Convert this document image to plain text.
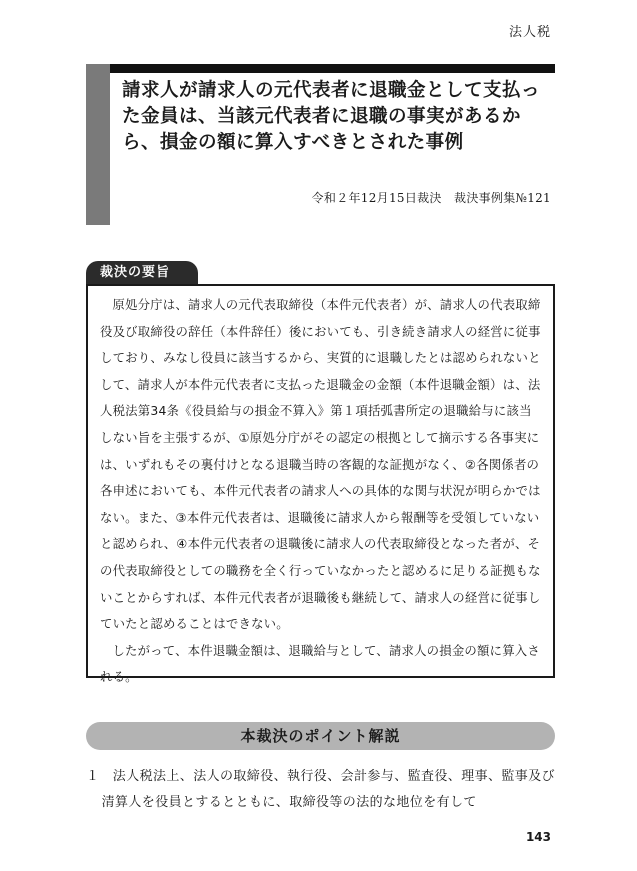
法人税
請求人が請求人の元代表者に退職金として支払った金員は、当該元代表者に退職の事実があるから、損金の額に算入すべきとされた事例
令和２年12月15日裁決　裁決事例集№121
裁決の要旨

原処分庁は、請求人の元代表取締役（本件元代表者）が、請求人の代表取締役及び取締役の辞任（本件辞任）後においても、引き続き請求人の経営に従事しており、みなし役員に該当するから、実質的に退職したとは認められないとして、請求人が本件元代表者に支払った退職金の金額（本件退職金額）は、法人税法第34条《役員給与の損金不算入》第１項括弧書所定の退職給与に該当しない旨を主張するが、①原処分庁がその認定の根拠として摘示する各事実には、いずれもその裏付けとなる退職当時の客観的な証拠がなく、②各関係者の各申述においても、本件元代表者の請求人への具体的な関与状況が明らかではない。また、③本件元代表者は、退職後に請求人から報酬等を受領していないと認められ、④本件元代表者の退職後に請求人の代表取締役となった者が、その代表取締役としての職務を全く行っていなかったと認めるに足りる証拠もないことからすれば、本件元代表者が退職後も継続して、請求人の経営に従事していたと認めることはできない。

したがって、本件退職金額は、退職給与として、請求人の損金の額に算入される。

本裁決のポイント解説

１　法人税法上、法人の取締役、執行役、会計参与、監査役、理事、監事及び清算人を役員とするとともに、取締役等の法的な地位を有して

143
